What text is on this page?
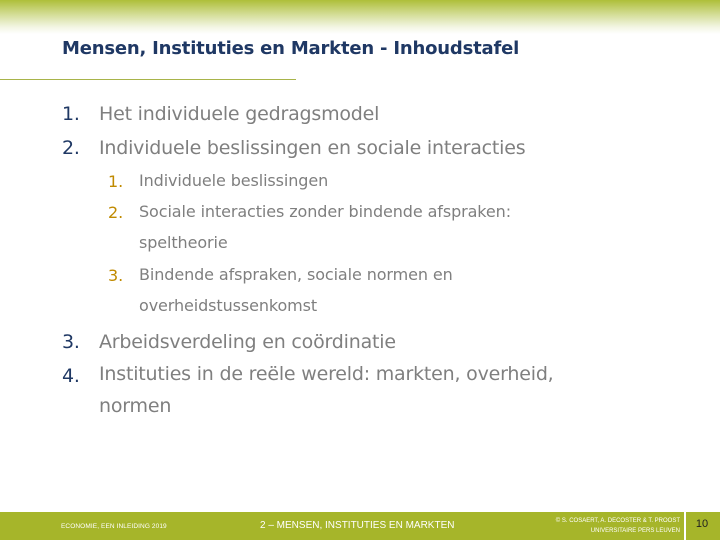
Mensen, Instituties en Markten - Inhoudstafel
1. Het individuele gedragsmodel
2. Individuele beslissingen en sociale interacties
1. Individuele beslissingen
2. Sociale interacties zonder bindende afspraken:
speltheorie
3. Bindende afspraken, sociale normen en
overheidstussenkomst
3. Arbeidsverdeling en coördinatie
4. Instituties in de reële wereld: markten, overheid,
normen
ECONOMIE, EEN INLEIDING 2019	2 – MENSEN, INSTITUTIES EN MARKTEN	© S. COSAERT, A. DECOSTER & T. PROOST
UNIVERSITAIRE PERS LEUVEN
10
